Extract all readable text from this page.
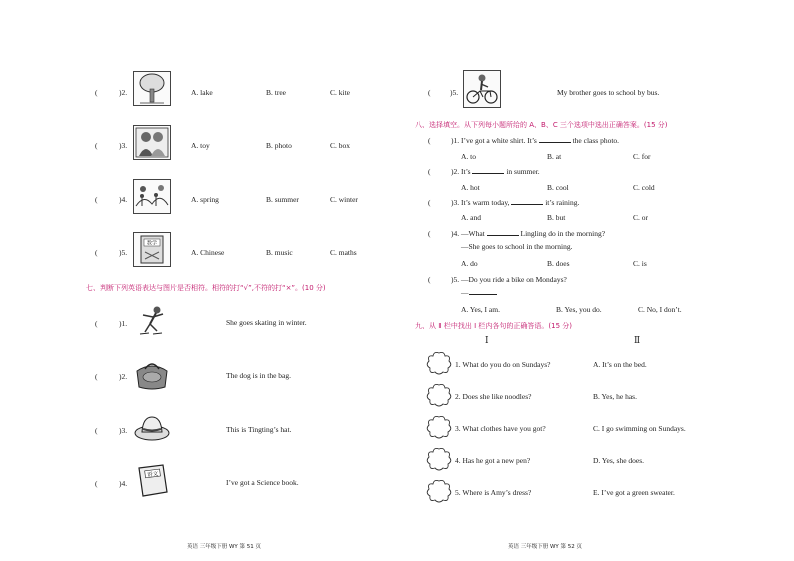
(	)2.	A. lake	B. tree	C. kite
(	)3.	A. toy	B. photo	C. box
(	)4.	A. spring	B. summer	C. winter
(	)5.
数学
A. Chinese	B. music	C. maths
七、判断下列英语表达与图片是否相符。相符的打“√”,不符的打“×”。(10 分)
(	)1.	She goes skating in winter.
(	)2.	The dog is in the bag.
(	)3.	This is Tingting’s hat.
(	)4.
语文
I’ve got a Science book.
英语 三年级下册 WY 第 51 页
(	)5.	My brother goes to school by bus.
八、选择填空。从下列每小题所给的 A、B、C 三个选项中选出正确答案。(15 分)
(	)1. I’ve got a white shirt. It’s	the class photo.
A. to	B. at	C. for
(	)2. It’s	in summer.
A. hot	B. cool	C. cold
(	)3. It’s warm today,	it’s raining.
A. and	B. but	C. or
(	)4. —What	Lingling do in the morning?
—She goes to school in the morning.
A. do	B. does	C. is
(	)5. —Do you ride a bike on Mondays?
—
A. Yes, I am.	B. Yes, you do.	C. No, I don’t.
九、从 Ⅱ 栏中找出 Ⅰ 栏内各句的正确答语。(15 分)
Ⅰ	Ⅱ
1. What do you do on Sundays?	A. It’s on the bed.
2. Does she like noodles?	B. Yes, he has.
3. What clothes have you got?	C. I go swimming on Sundays.
4. Has he got a new pen?	D. Yes, she does.
5. Where is Amy’s dress?	E. I’ve got a green sweater.
英语 三年级下册 WY 第 52 页
